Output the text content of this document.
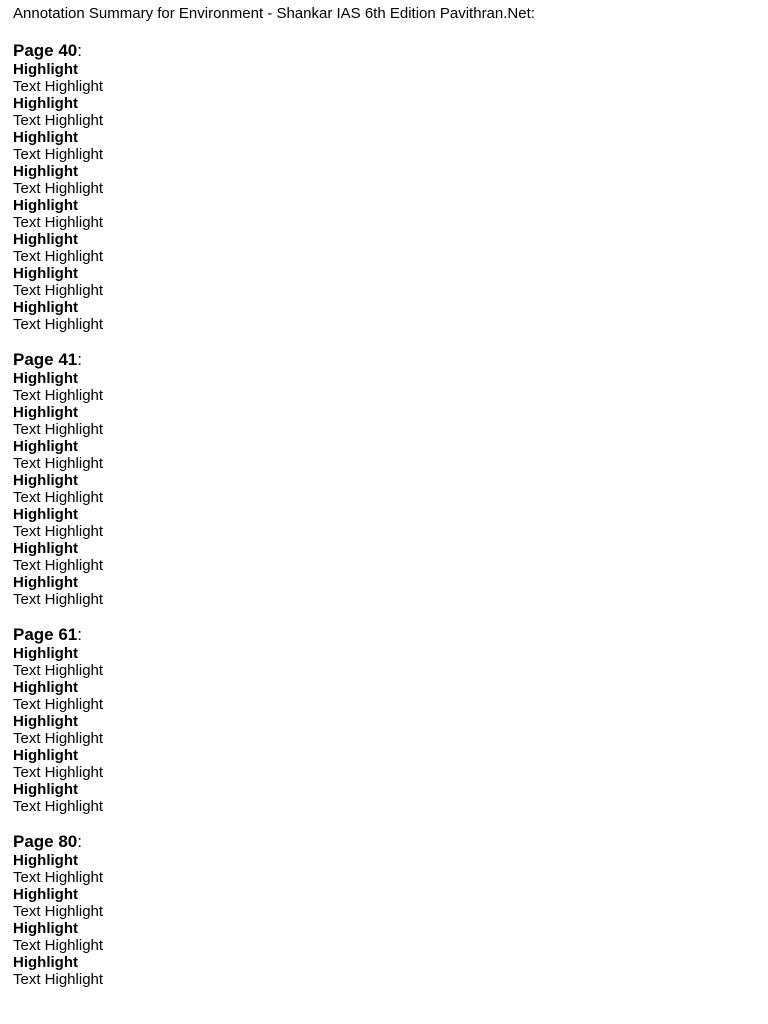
Annotation Summary for Environment - Shankar IAS 6th Edition Pavithran.Net:
Page 40:
Highlight
Text Highlight
Highlight
Text Highlight
Highlight
Text Highlight
Highlight
Text Highlight
Highlight
Text Highlight
Highlight
Text Highlight
Highlight
Text Highlight
Highlight
Text Highlight
Page 41:
Highlight
Text Highlight
Highlight
Text Highlight
Highlight
Text Highlight
Highlight
Text Highlight
Highlight
Text Highlight
Highlight
Text Highlight
Highlight
Text Highlight
Page 61:
Highlight
Text Highlight
Highlight
Text Highlight
Highlight
Text Highlight
Highlight
Text Highlight
Highlight
Text Highlight
Page 80:
Highlight
Text Highlight
Highlight
Text Highlight
Highlight
Text Highlight
Highlight
Text Highlight
